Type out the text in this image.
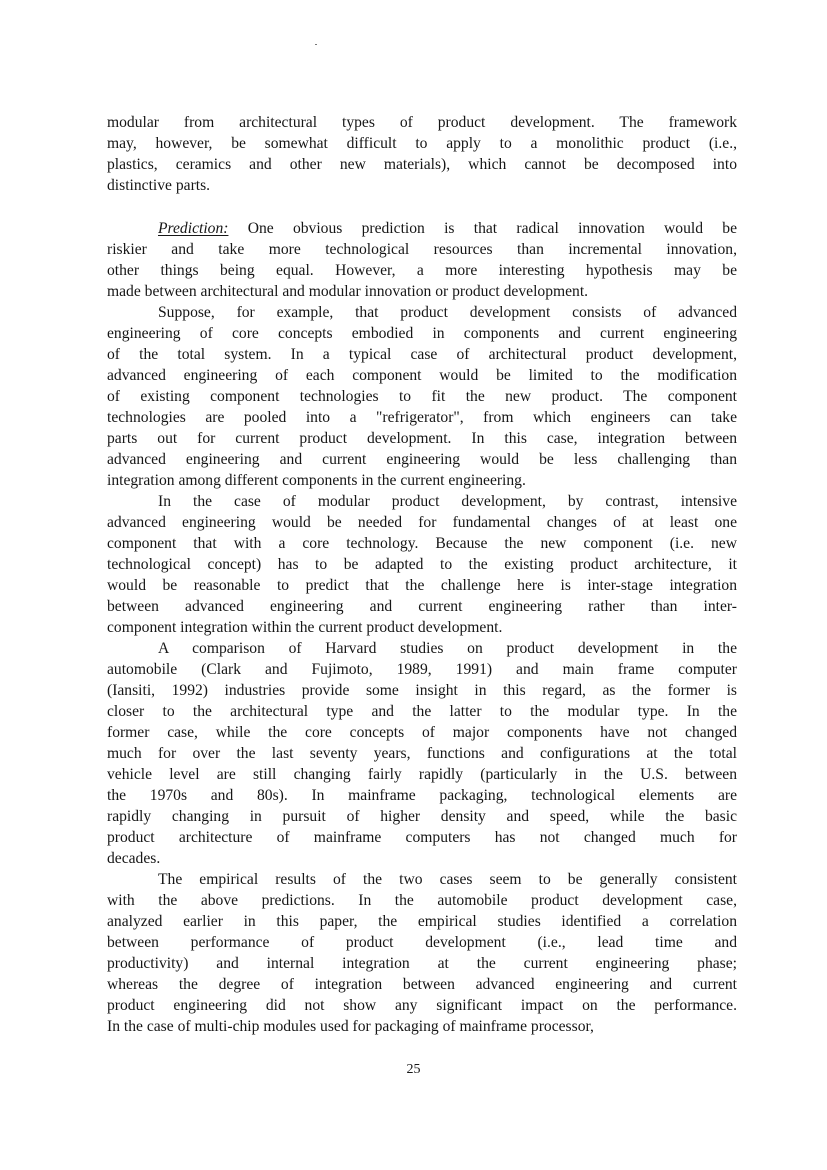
modular from architectural types of product development. The framework
may, however, be somewhat difficult to apply to a monolithic product (i.e.,
plastics, ceramics and other new materials), which cannot be decomposed into
distinctive parts.
Prediction: One obvious prediction is that radical innovation would be
riskier and take more technological resources than incremental innovation,
other things being equal. However, a more interesting hypothesis may be
made between architectural and modular innovation or product development.
Suppose, for example, that product development consists of advanced
engineering of core concepts embodied in components and current engineering
of the total system. In a typical case of architectural product development,
advanced engineering of each component would be limited to the modification
of existing component technologies to fit the new product. The component
technologies are pooled into a "refrigerator", from which engineers can take
parts out for current product development. In this case, integration between
advanced engineering and current engineering would be less challenging than
integration among different components in the current engineering.
In the case of modular product development, by contrast, intensive
advanced engineering would be needed for fundamental changes of at least one
component that with a core technology. Because the new component (i.e. new
technological concept) has to be adapted to the existing product architecture, it
would be reasonable to predict that the challenge here is inter-stage integration
between advanced engineering and current engineering rather than inter-
component integration within the current product development.
A comparison of Harvard studies on product development in the
automobile (Clark and Fujimoto, 1989, 1991) and main frame computer
(Iansiti, 1992) industries provide some insight in this regard, as the former is
closer to the architectural type and the latter to the modular type. In the
former case, while the core concepts of major components have not changed
much for over the last seventy years, functions and configurations at the total
vehicle level are still changing fairly rapidly (particularly in the U.S. between
the 1970s and 80s). In mainframe packaging, technological elements are
rapidly changing in pursuit of higher density and speed, while the basic
product architecture of mainframe computers has not changed much for
decades.
The empirical results of the two cases seem to be generally consistent
with the above predictions. In the automobile product development case,
analyzed earlier in this paper, the empirical studies identified a correlation
between performance of product development (i.e., lead time and
productivity) and internal integration at the current engineering phase;
whereas the degree of integration between advanced engineering and current
product engineering did not show any significant impact on the performance.
In the case of multi-chip modules used for packaging of mainframe processor,
25
